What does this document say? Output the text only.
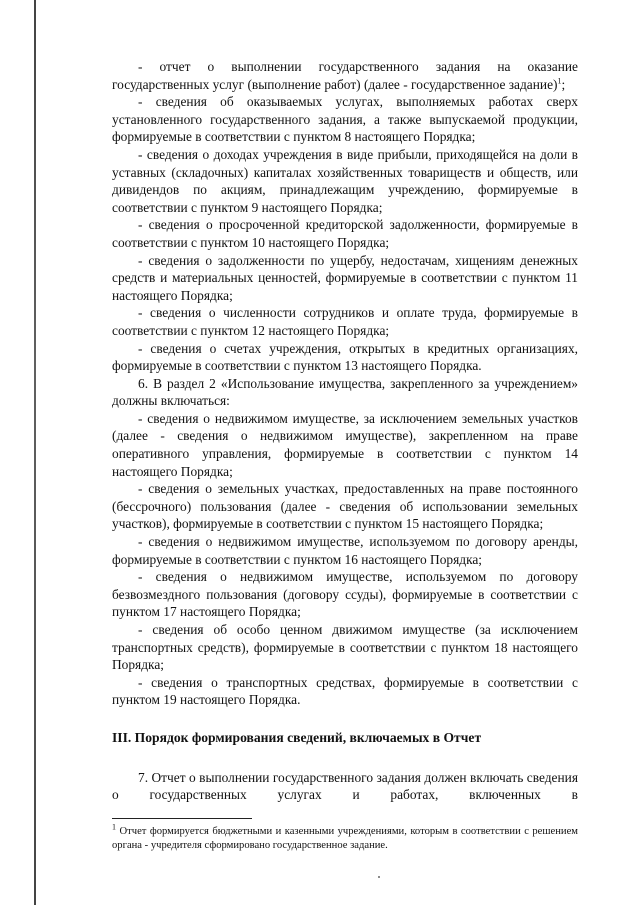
- отчет о выполнении государственного задания на оказание государственных услуг (выполнение работ) (далее - государственное задание)$^1$;

- сведения об оказываемых услугах, выполняемых работах сверх установленного государственного задания, а также выпускаемой продукции, формируемые в соответствии с пунктом 8 настоящего Порядка;

- сведения о доходах учреждения в виде прибыли, приходящейся на доли в уставных (складочных) капиталах хозяйственных товариществ и обществ, или дивидендов по акциям, принадлежащим учреждению, формируемые в соответствии с пунктом 9 настоящего Порядка;

- сведения о просроченной кредиторской задолженности, формируемые в соответствии с пунктом 10 настоящего Порядка;

- сведения о задолженности по ущербу, недостачам, хищениям денежных средств и материальных ценностей, формируемые в соответствии с пунктом 11 настоящего Порядка;

- сведения о численности сотрудников и оплате труда, формируемые в соответствии с пунктом 12 настоящего Порядка;

- сведения о счетах учреждения, открытых в кредитных организациях, формируемые в соответствии с пунктом 13 настоящего Порядка.

6. В раздел 2 «Использование имущества, закрепленного за учреждением» должны включаться:

- сведения о недвижимом имуществе, за исключением земельных участков (далее - сведения о недвижимом имуществе), закрепленном на праве оперативного управления, формируемые в соответствии с пунктом 14 настоящего Порядка;

- сведения о земельных участках, предоставленных на праве постоянного (бессрочного) пользования (далее - сведения об использовании земельных участков), формируемые в соответствии с пунктом 15 настоящего Порядка;

- сведения о недвижимом имуществе, используемом по договору аренды, формируемые в соответствии с пунктом 16 настоящего Порядка;

- сведения о недвижимом имуществе, используемом по договору безвозмездного пользования (договору ссуды), формируемые в соответствии с пунктом 17 настоящего Порядка;

- сведения об особо ценном движимом имуществе (за исключением транспортных средств), формируемые в соответствии с пунктом 18 настоящего Порядка;

- сведения о транспортных средствах, формируемые в соответствии с пунктом 19 настоящего Порядка.

III. Порядок формирования сведений, включаемых в Отчет

7. Отчет о выполнении государственного задания должен включать сведения о государственных услугах и работах, включенных в

$^1$ Отчет формируется бюджетными и казенными учреждениями, которым в соответствии с решением органа - учредителя сформировано государственное задание.
